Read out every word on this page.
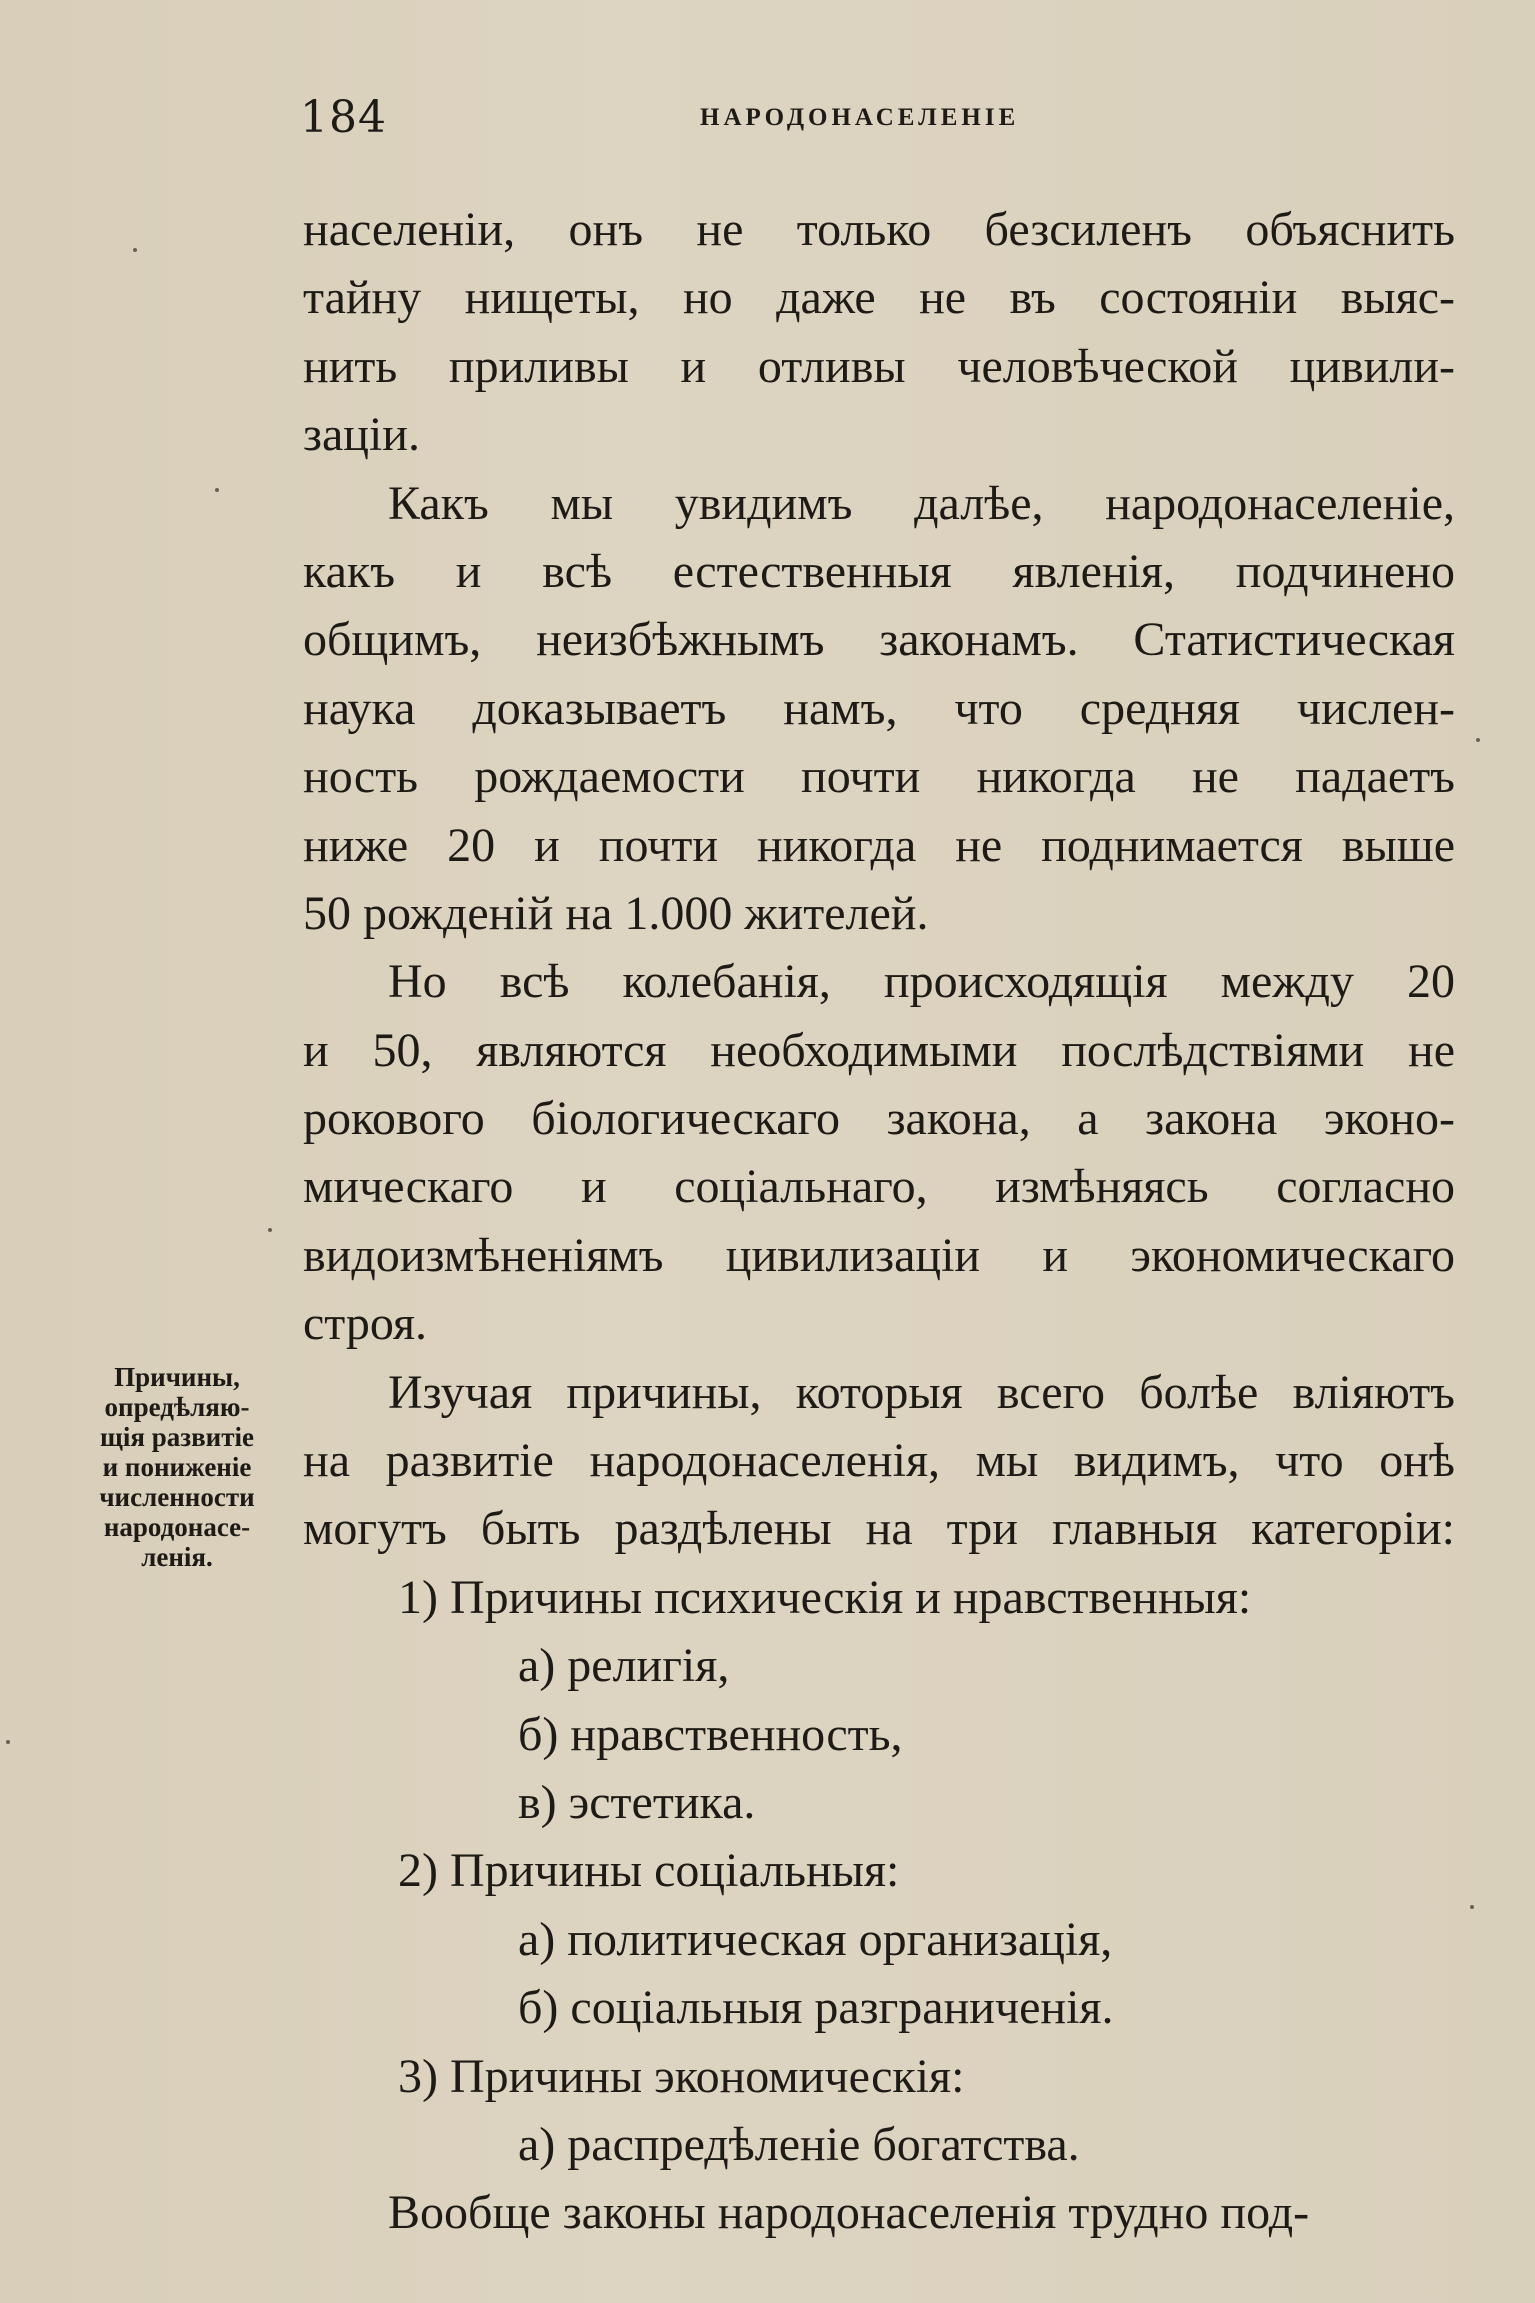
184	НАРОДОНАСЕЛЕНІЕ

населеніи, онъ не только безсиленъ объяснить
тайну нищеты, но даже не въ состояніи выяс-
нить приливы и отливы человѣческой цивили-
заціи.

Какъ мы увидимъ далѣе, народонаселеніе,
какъ и всѣ естественныя явленія, подчинено
общимъ, неизбѣжнымъ законамъ. Статистическая
наука доказываетъ намъ, что средняя числен-
ность рождаемости почти никогда не падаетъ
ниже 20 и почти никогда не поднимается выше
50 рожденій на 1.000 жителей.

Но всѣ колебанія, происходящія между 20
и 50, являются необходимыми послѣдствіями не
рокового біологическаго закона, а закона эконо-
мическаго и соціальнаго, измѣняясь согласно
видоизмѣненіямъ цивилизаціи и экономическаго
строя.

Изучая причины, которыя всего болѣе вліяютъ
на развитіе народонаселенія, мы видимъ, что онѣ
могутъ быть раздѣлены на три главныя категоріи:

1) Причины психическія и нравственныя:
а) религія,
б) нравственность,
в) эстетика.
2) Причины соціальныя:
а) политическая организація,
б) соціальныя разграниченія.
3) Причины экономическія:
а) распредѣленіе богатства.
Вообще законы народонаселенія трудно под-
Причины,
опредѣляю-
щія развитіе
и пониженіе
численности
народонасе-
ленія.
